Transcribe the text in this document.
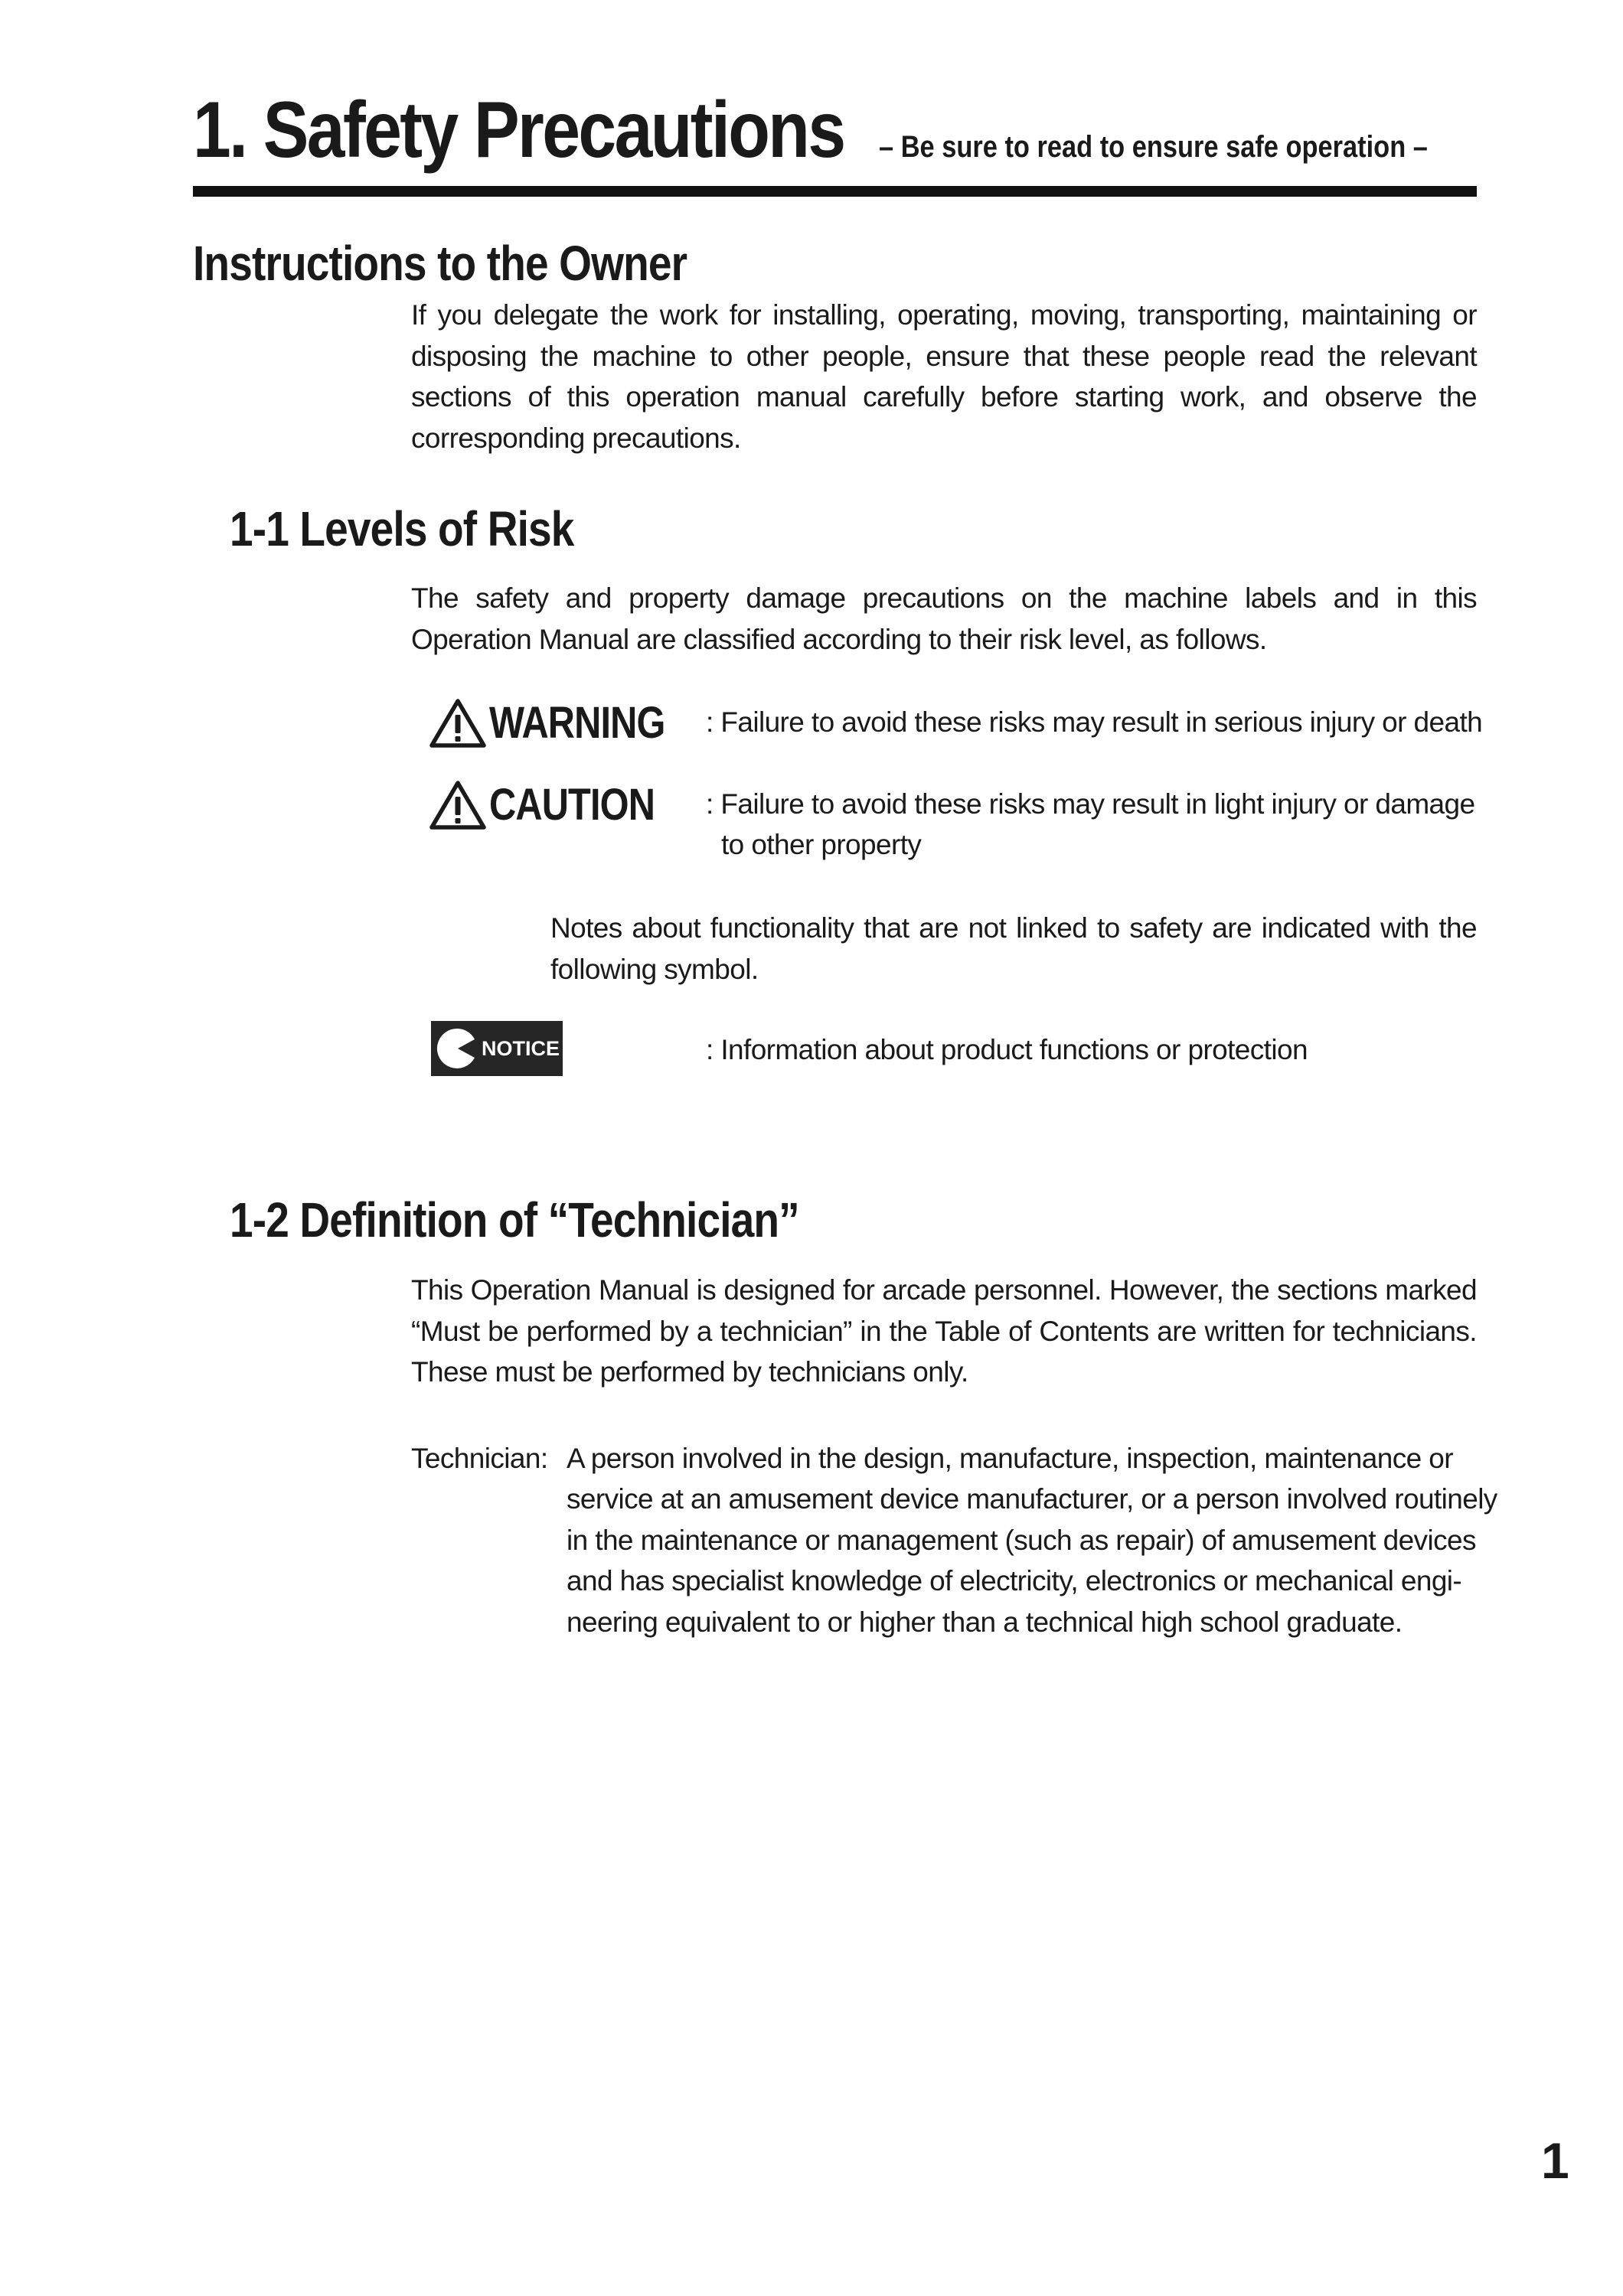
1. Safety Precautions – Be sure to read to ensure safe operation –
Instructions to the Owner
If you delegate the work for installing, operating, moving, transporting, maintaining or disposing the machine to other people, ensure that these people read the relevant sections of this operation manual carefully before starting work, and observe the corresponding precautions.
1-1 Levels of Risk
The safety and property damage precautions on the machine labels and in this Operation Manual are classified according to their risk level, as follows.
WARNING : Failure to avoid these risks may result in serious injury or death
CAUTION : Failure to avoid these risks may result in light injury or damage
to other property
Notes about functionality that are not linked to safety are indicated with the following symbol.
NOTICE	: Information about product functions or protection
1-2 Definition of “Technician”
This Operation Manual is designed for arcade personnel. However, the sections marked “Must be performed by a technician” in the Table of Contents are written for technicians. These must be performed by technicians only.
Technician: A person involved in the design, manufacture, inspection, maintenance or
service at an amusement device manufacturer, or a person involved routinely
in the maintenance or management (such as repair) of amusement devices
and has specialist knowledge of electricity, electronics or mechanical engi-
neering equivalent to or higher than a technical high school graduate.
1
